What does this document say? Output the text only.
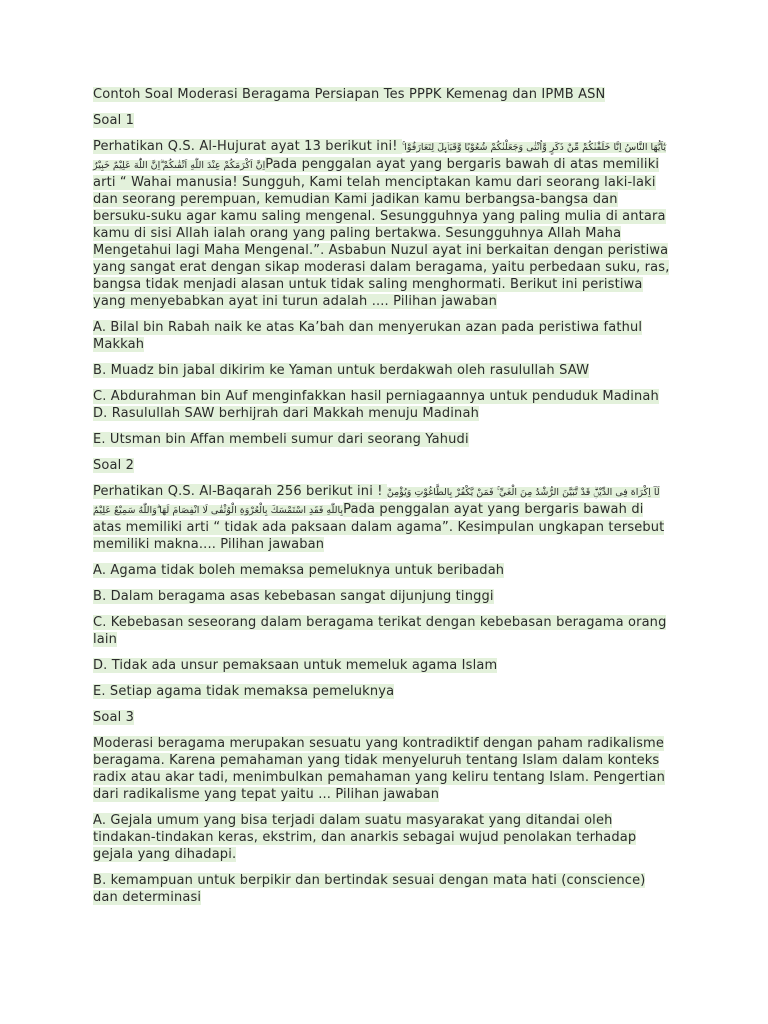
Contoh Soal Moderasi Beragama Persiapan Tes PPPK Kemenag dan IPMB ASN

Soal 1

Perhatikan Q.S. Al-Hujurat ayat 13 berikut ini! يٰٓاَيُّهَا النَّاسُ اِنَّا خَلَقْنٰكُمْ مِّنْ ذَكَرٍ وَّاُنْثٰى وَجَعَلْنٰكُمْ شُعُوْبًا وَّقَبَاۤىِٕلَ لِتَعَارَفُوْا ۚ اِنَّ اَكْرَمَكُمْ عِنْدَ اللّٰهِ اَتْقٰىكُمْ ۗاِنَّ اللّٰهَ عَلِيْمٌ خَبِيْرٌPada penggalan ayat yang bergaris bawah di atas memiliki arti “ Wahai manusia! Sungguh, Kami telah menciptakan kamu dari seorang laki-laki dan seorang perempuan, kemudian Kami jadikan kamu berbangsa-bangsa dan bersuku-suku agar kamu saling mengenal. Sesungguhnya yang paling mulia di antara kamu di sisi Allah ialah orang yang paling bertakwa. Sesungguhnya Allah Maha Mengetahui lagi Maha Mengenal.”. Asbabun Nuzul ayat ini berkaitan dengan peristiwa yang sangat erat dengan sikap moderasi dalam beragama, yaitu perbedaan suku, ras, bangsa tidak menjadi alasan untuk tidak saling menghormati. Berikut ini peristiwa yang menyebabkan ayat ini turun adalah .... Pilihan jawaban

A. Bilal bin Rabah naik ke atas Ka’bah dan menyerukan azan pada peristiwa fathul Makkah

B. Muadz bin jabal dikirim ke Yaman untuk berdakwah oleh rasulullah SAW

C. Abdurahman bin Auf menginfakkan hasil perniagaannya untuk penduduk Madinah

D. Rasulullah SAW berhijrah dari Makkah menuju Madinah

E. Utsman bin Affan membeli sumur dari seorang Yahudi

Soal 2

Perhatikan Q.S. Al-Baqarah 256 berikut ini ! لَآ اِكْرَاهَ فِى الدِّيْنِۗ قَدْ تَّبَيَّنَ الرُّشْدُ مِنَ الْغَيِّ ۚ فَمَنْ يَّكْفُرْ بِالطَّاغُوْتِ وَيُؤْمِنْ بِاللّٰهِ فَقَدِ اسْتَمْسَكَ بِالْعُرْوَةِ الْوُثْقٰى لَا انْفِصَامَ لَهَا ۗوَاللّٰهُ سَمِيْعٌ عَلِيْمٌPada penggalan ayat yang bergaris bawah di atas memiliki arti “ tidak ada paksaan dalam agama”. Kesimpulan ungkapan tersebut memiliki makna.... Pilihan jawaban

A. Agama tidak boleh memaksa pemeluknya untuk beribadah

B. Dalam beragama asas kebebasan sangat dijunjung tinggi

C. Kebebasan seseorang dalam beragama terikat dengan kebebasan beragama orang lain

D. Tidak ada unsur pemaksaan untuk memeluk agama Islam

E. Setiap agama tidak memaksa pemeluknya

Soal 3

Moderasi beragama merupakan sesuatu yang kontradiktif dengan paham radikalisme beragama. Karena pemahaman yang tidak menyeluruh tentang Islam dalam konteks radix atau akar tadi, menimbulkan pemahaman yang keliru tentang Islam. Pengertian dari radikalisme yang tepat yaitu ... Pilihan jawaban

A. Gejala umum yang bisa terjadi dalam suatu masyarakat yang ditandai oleh tindakan-tindakan keras, ekstrim, dan anarkis sebagai wujud penolakan terhadap gejala yang dihadapi.

B. kemampuan untuk berpikir dan bertindak sesuai dengan mata hati (conscience) dan determinasi
